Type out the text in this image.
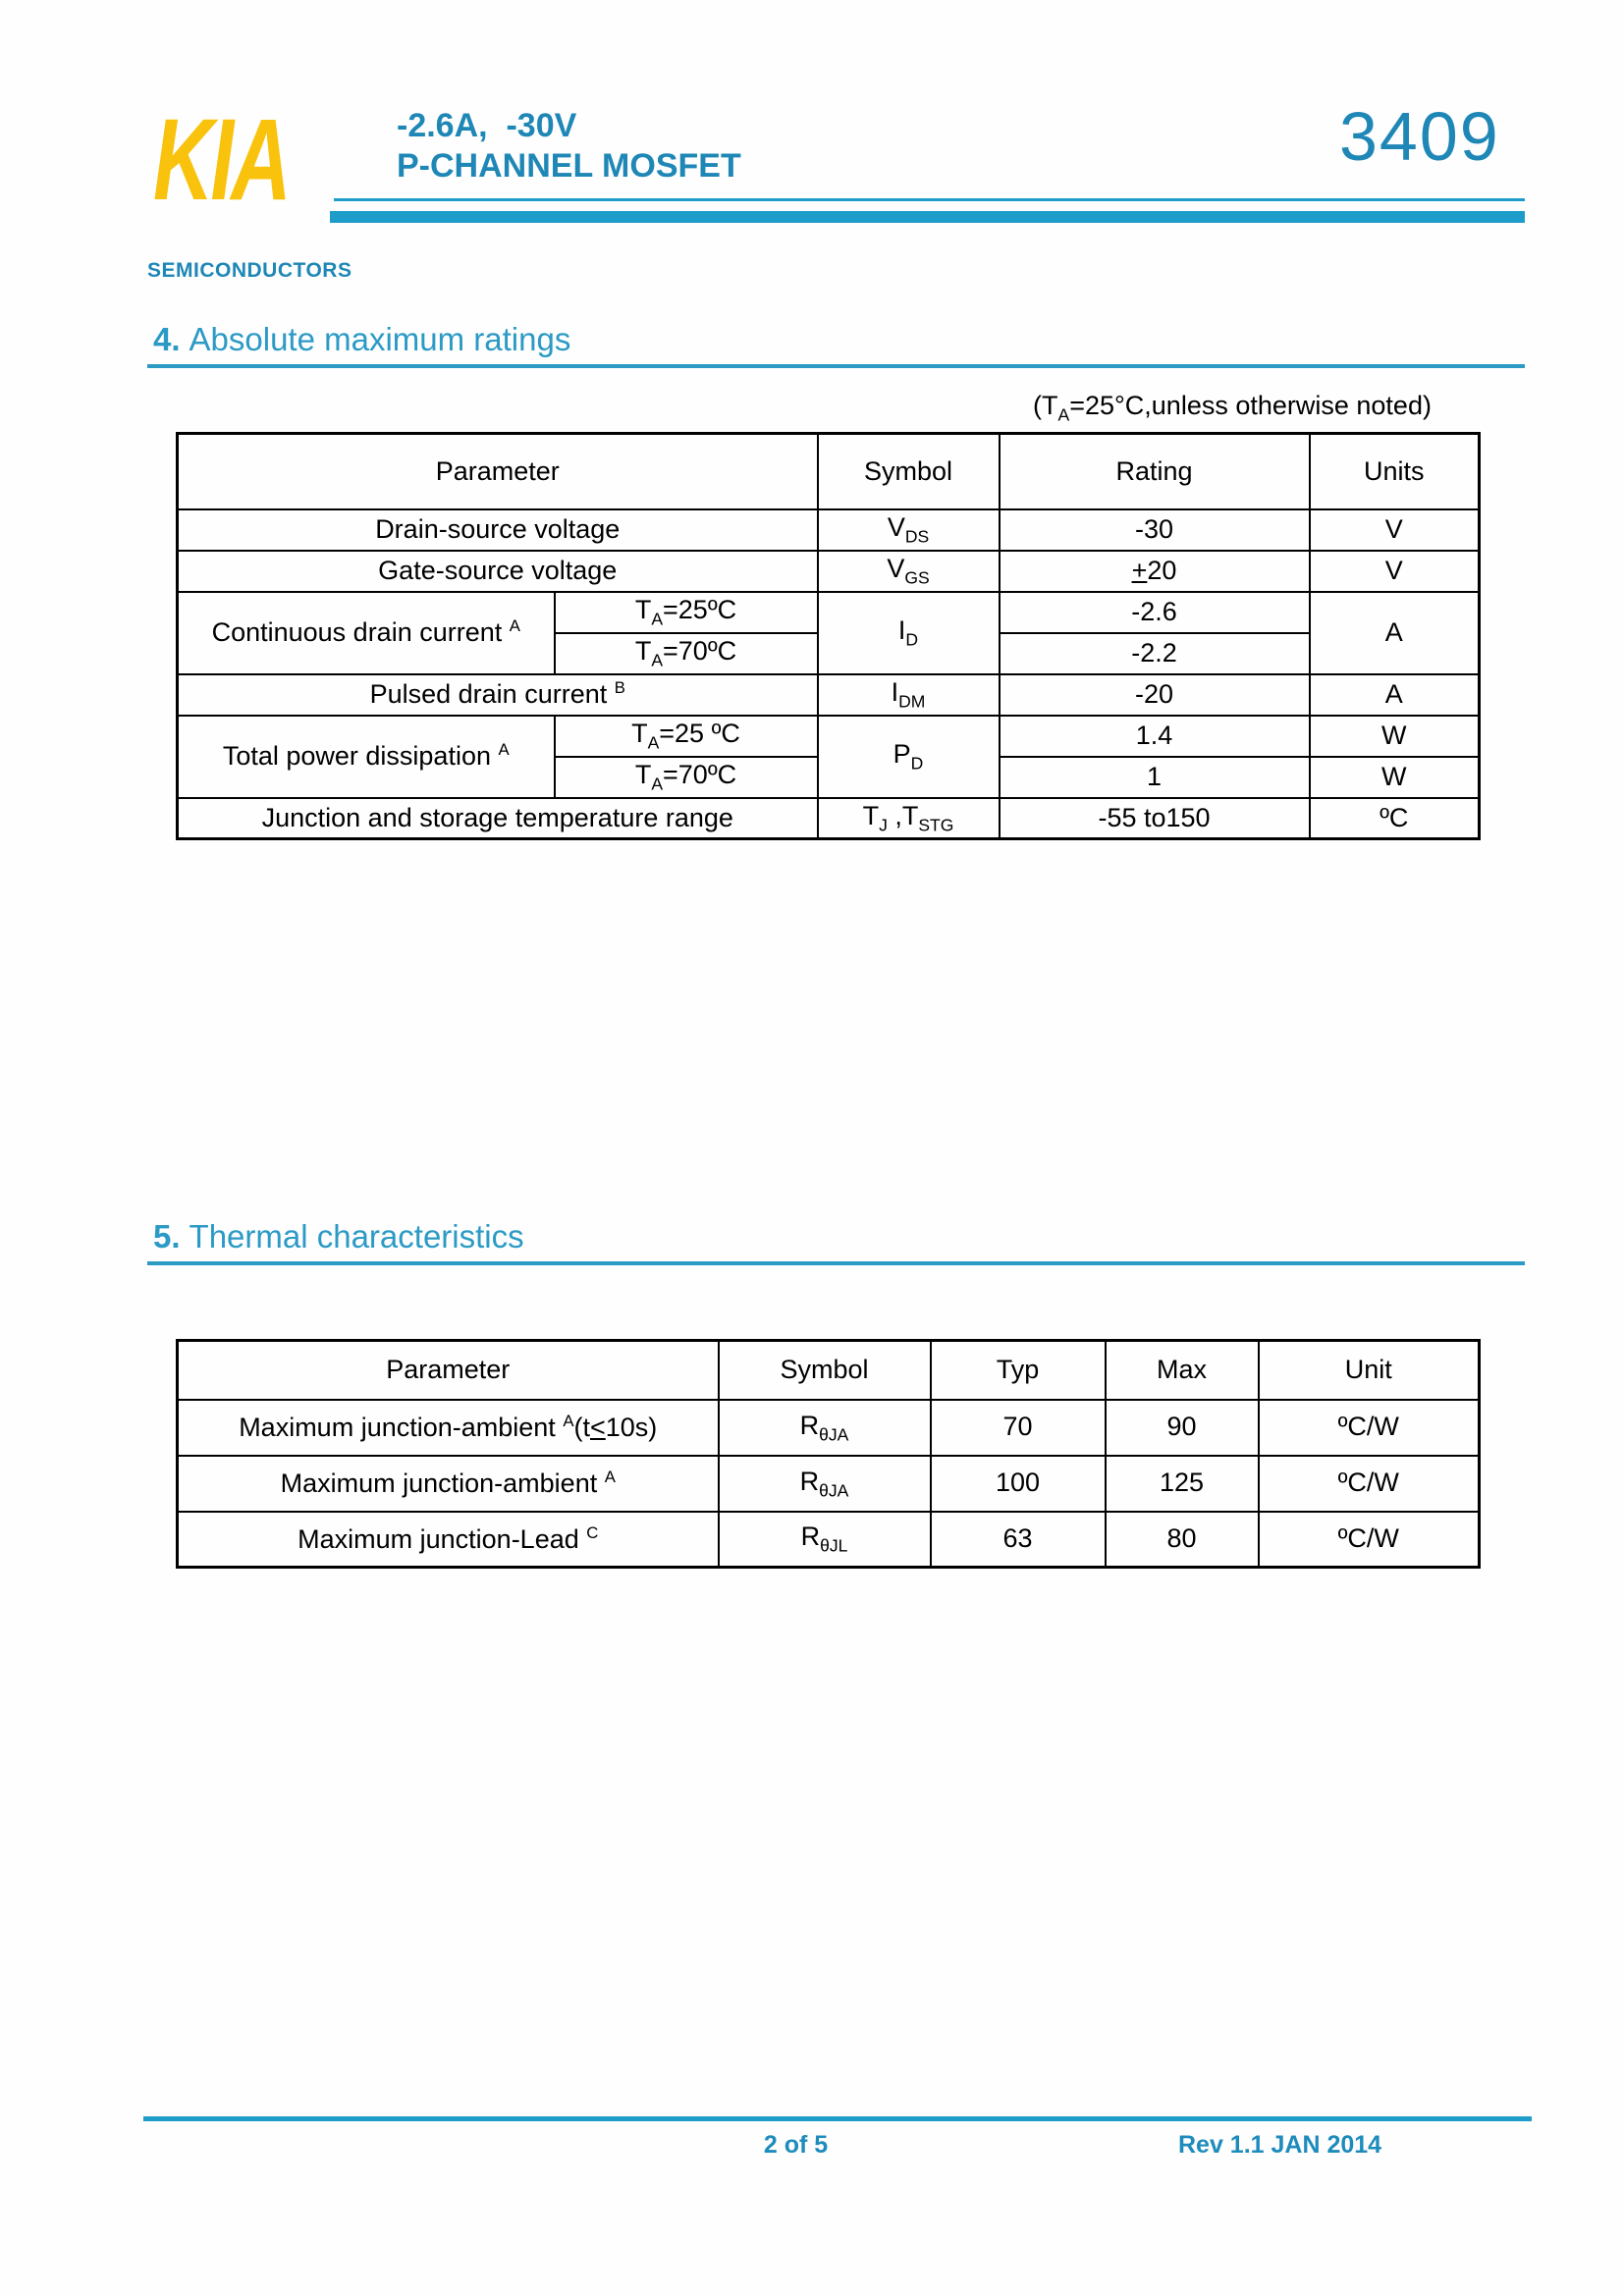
KIA
SEMICONDUCTORS
-2.6A,  -30V
P-CHANNEL MOSFET	3409
4. Absolute maximum ratings
($T_A=25^\circ C,unless$ otherwise noted)
Parameter		Symbol	Rating	Units
Drain-source voltage		$V_{DS}$	-30	V
Gate-source voltage		$V_{GS}$	+20	V
Continuous drain current $^A$	$T_A=25ºC$	$I_D$	-2.6	A
	$T_A=70ºC$		-2.2	
Pulsed drain current $^B$		$I_{DM}$	-20	A
Total power dissipation $^A$	$T_A=25$ ºC	$P_D$	1.4	W
	$T_A=70ºC$		1	W
Junction and storage temperature range		$T_J$ $,T_{STG}$	-55 to150	ºC
5. Thermal characteristics
Parameter	Symbol	Typ	Max	Unit
Maximum junction-ambient $^A$(t<10s)	$R_{\theta JA}$	70	90	ºC/W
Maximum junction-ambient $^A$	$R_{\theta JA}$	100	125	ºC/W
Maximum junction-Lead $^C$	$R_{\theta JL}$	63	80	ºC/W
2 of 5	Rev 1.1 JAN 2014
